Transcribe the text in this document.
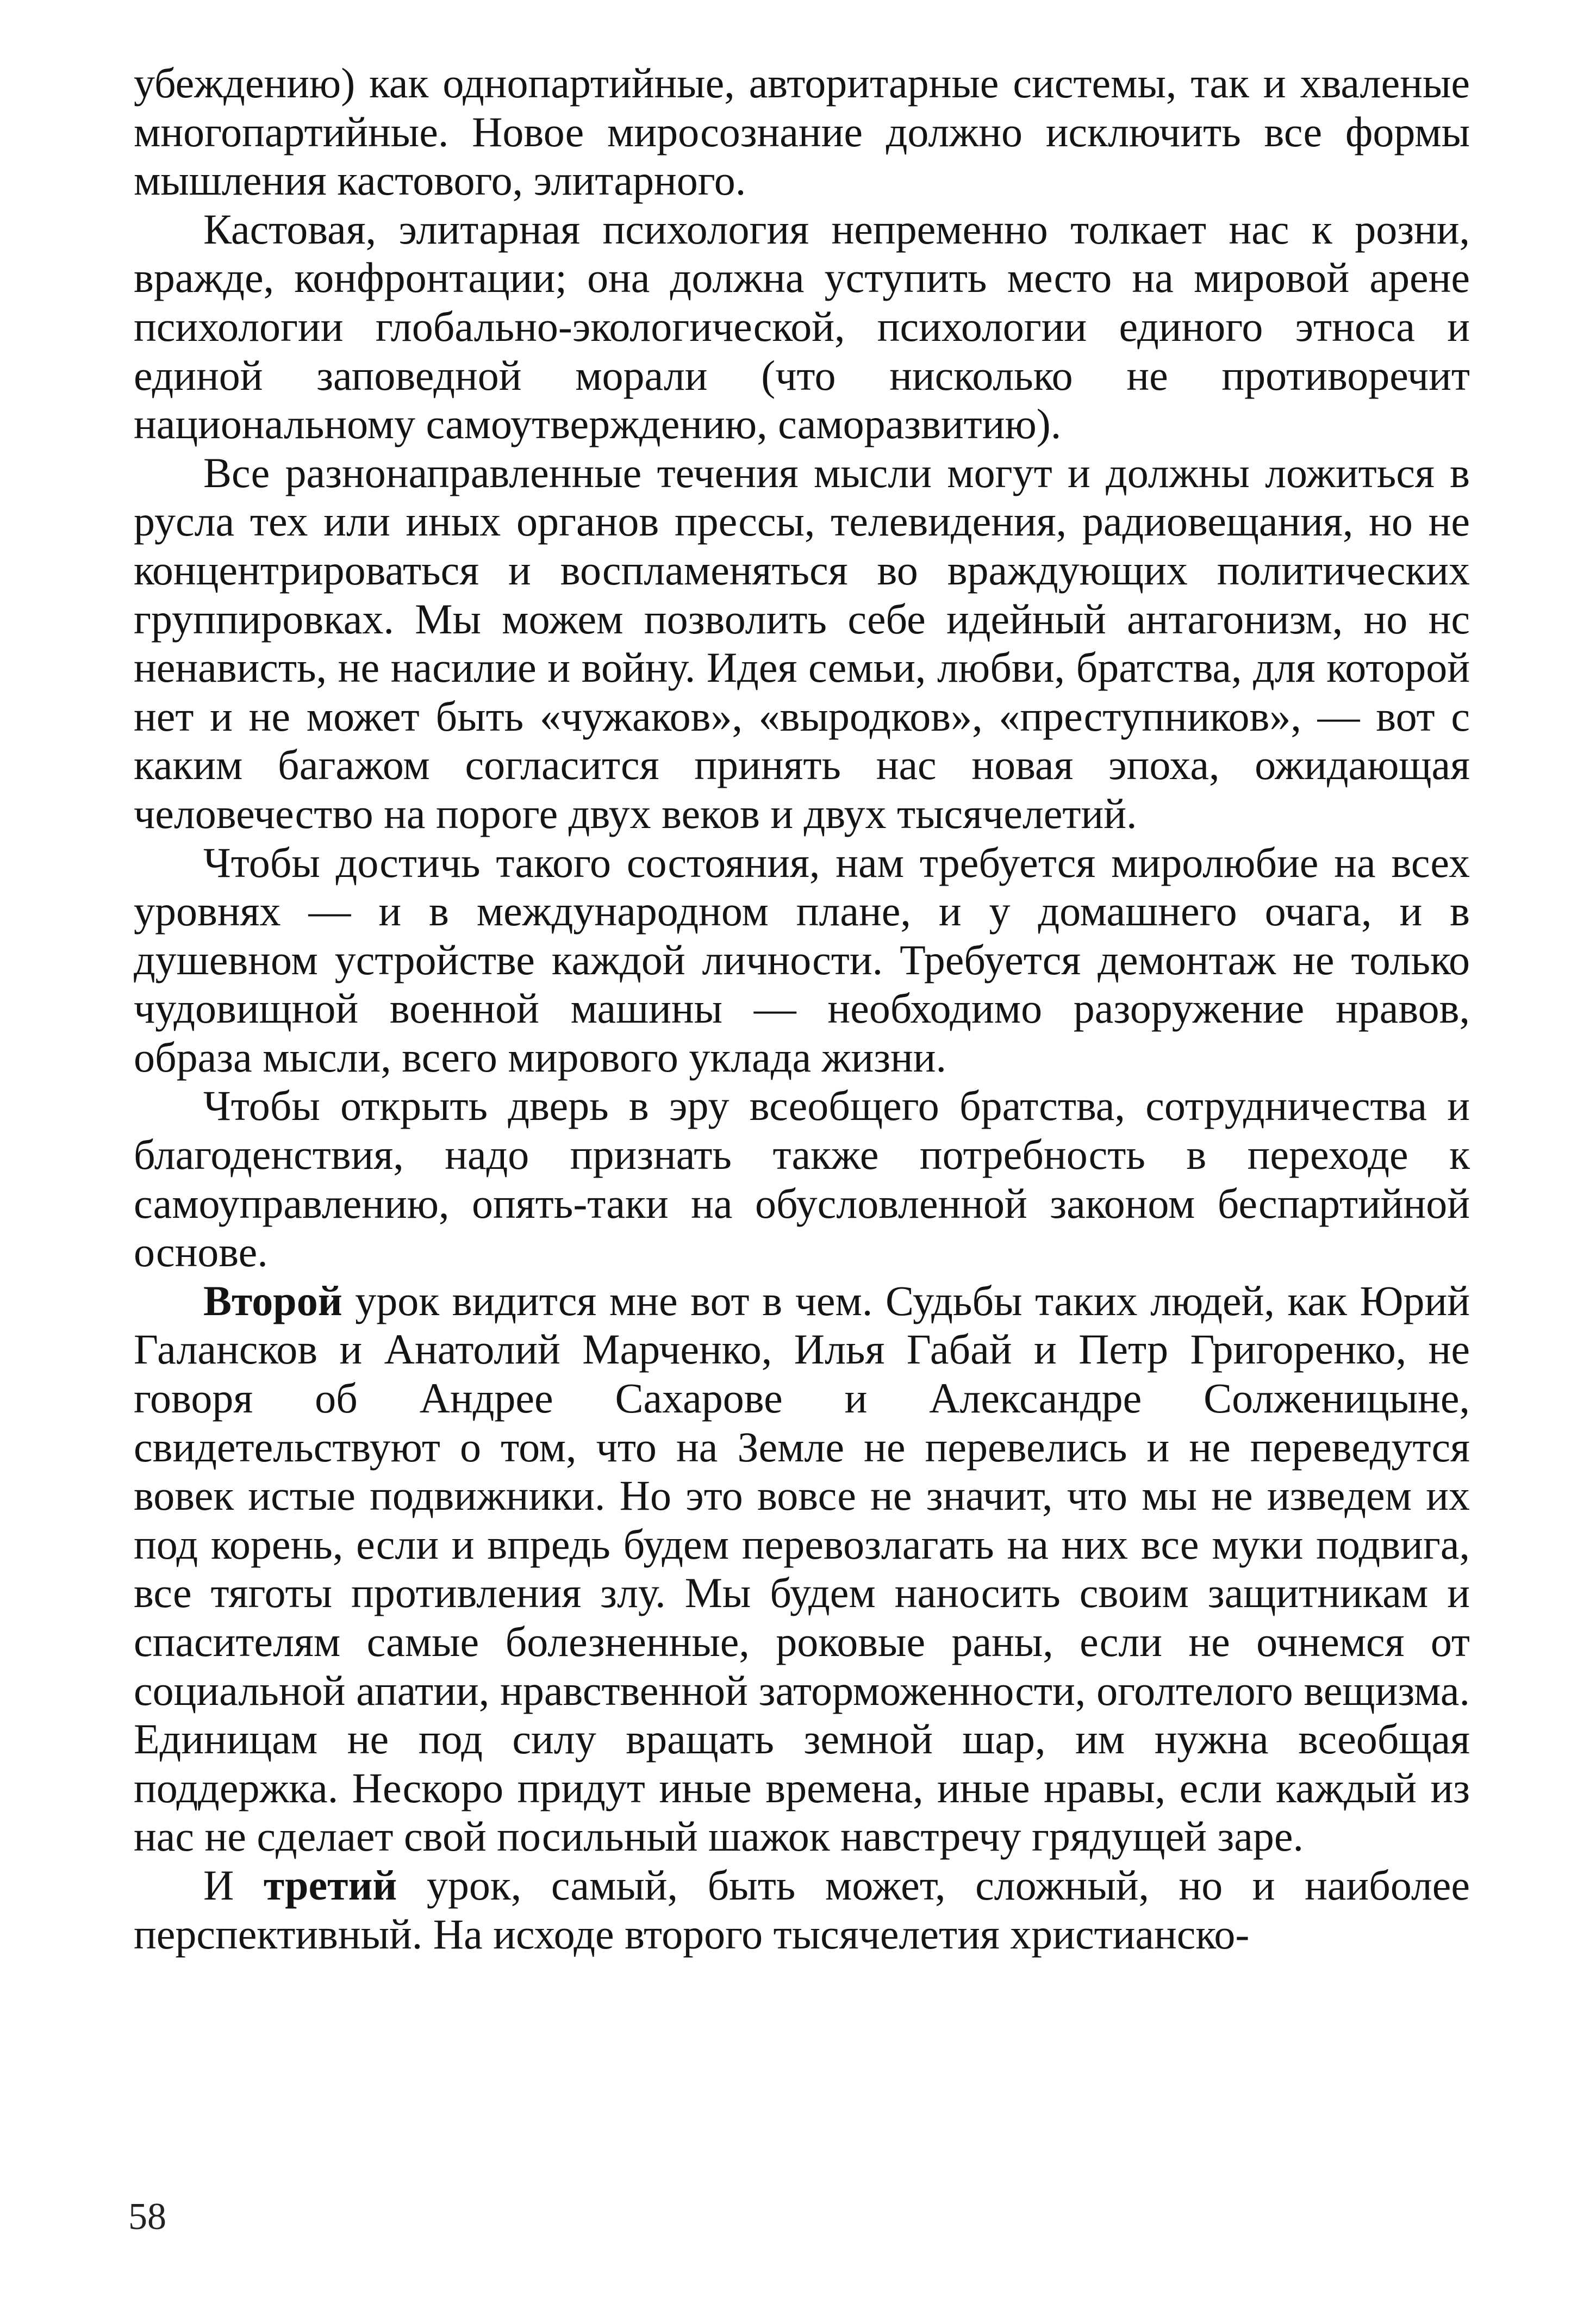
убеждению) как однопартийные, авторитарные системы, так и хваленые многопартийные. Новое миросознание должно исключить все формы мышления кастового, элитарного.

Кастовая, элитарная психология непременно толкает нас к розни, вражде, конфронтации; она должна уступить место на мировой арене психологии глобально-экологической, психологии единого этноса и единой заповедной морали (что нисколько не противоречит национальному самоутверждению, саморазвитию).

Все разнонаправленные течения мысли могут и должны ложиться в русла тех или иных органов прессы, телевидения, радиовещания, но не концентрироваться и воспламеняться во враждующих политических группировках. Мы можем позволить себе идейный антагонизм, но нс ненависть, не насилие и войну. Идея семьи, любви, братства, для которой нет и не может быть «чужаков», «выродков», «преступников», — вот с каким багажом согласится принять нас новая эпоха, ожидающая человечество на пороге двух веков и двух тысячелетий.

Чтобы достичь такого состояния, нам требуется миролюбие на всех уровнях — и в международном плане, и у домашнего очага, и в душевном устройстве каждой личности. Требуется демонтаж не только чудовищной военной машины — необходимо разоружение нравов, образа мысли, всего мирового уклада жизни.

Чтобы открыть дверь в эру всеобщего братства, сотрудничества и благоденствия, надо признать также потребность в переходе к самоуправлению, опять-таки на обусловленной законом беспартийной основе.

Второй урок видится мне вот в чем. Судьбы таких людей, как Юрий Галансков и Анатолий Марченко, Илья Габай и Петр Григоренко, не говоря об Андрее Сахарове и Александре Солженицыне, свидетельствуют о том, что на Земле не перевелись и не переведутся вовек истые подвижники. Но это вовсе не значит, что мы не изведем их под корень, если и впредь будем перевозлагать на них все муки подвига, все тяготы противления злу. Мы будем наносить своим защитникам и спасителям самые болезненные, роковые раны, если не очнемся от социальной апатии, нравственной заторможенности, оголтелого вещизма. Единицам не под силу вращать земной шар, им нужна всеобщая поддержка. Нескоро придут иные времена, иные нравы, если каждый из нас не сделает свой посильный шажок навстречу грядущей заре.

И третий урок, самый, быть может, сложный, но и наиболее перспективный. На исходе второго тысячелетия христианско-

58
